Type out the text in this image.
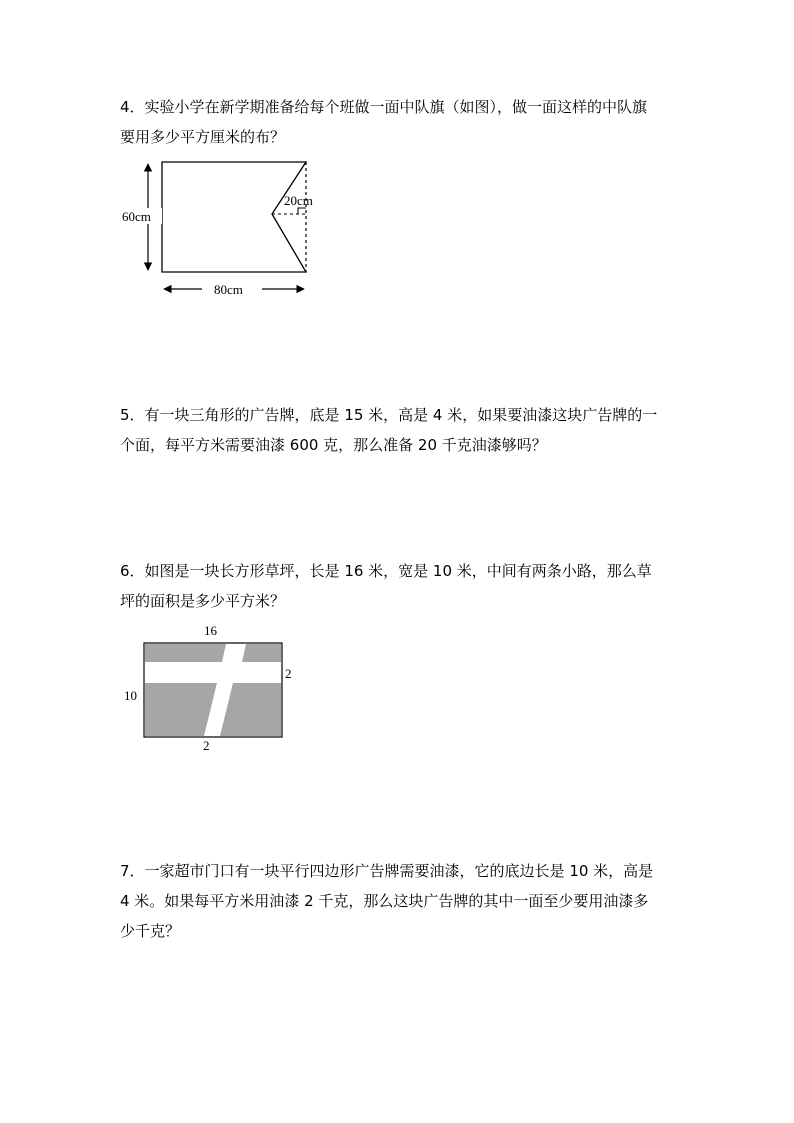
4．实验小学在新学期准备给每个班做一面中队旗（如图），做一面这样的中队旗

要用多少平方厘米的布？

60cm
80cm
20cm

5．有一块三角形的广告牌，底是 15 米，高是 4 米，如果要油漆这块广告牌的一

个面，每平方米需要油漆 600 克，那么准备 20 千克油漆够吗？

6．如图是一块长方形草坪，长是 16 米，宽是 10 米，中间有两条小路，那么草

坪的面积是多少平方米？

16
10
2
2

7．一家超市门口有一块平行四边形广告牌需要油漆，它的底边长是 10 米，高是

4 米。如果每平方米用油漆 2 千克，那么这块广告牌的其中一面至少要用油漆多

少千克？
